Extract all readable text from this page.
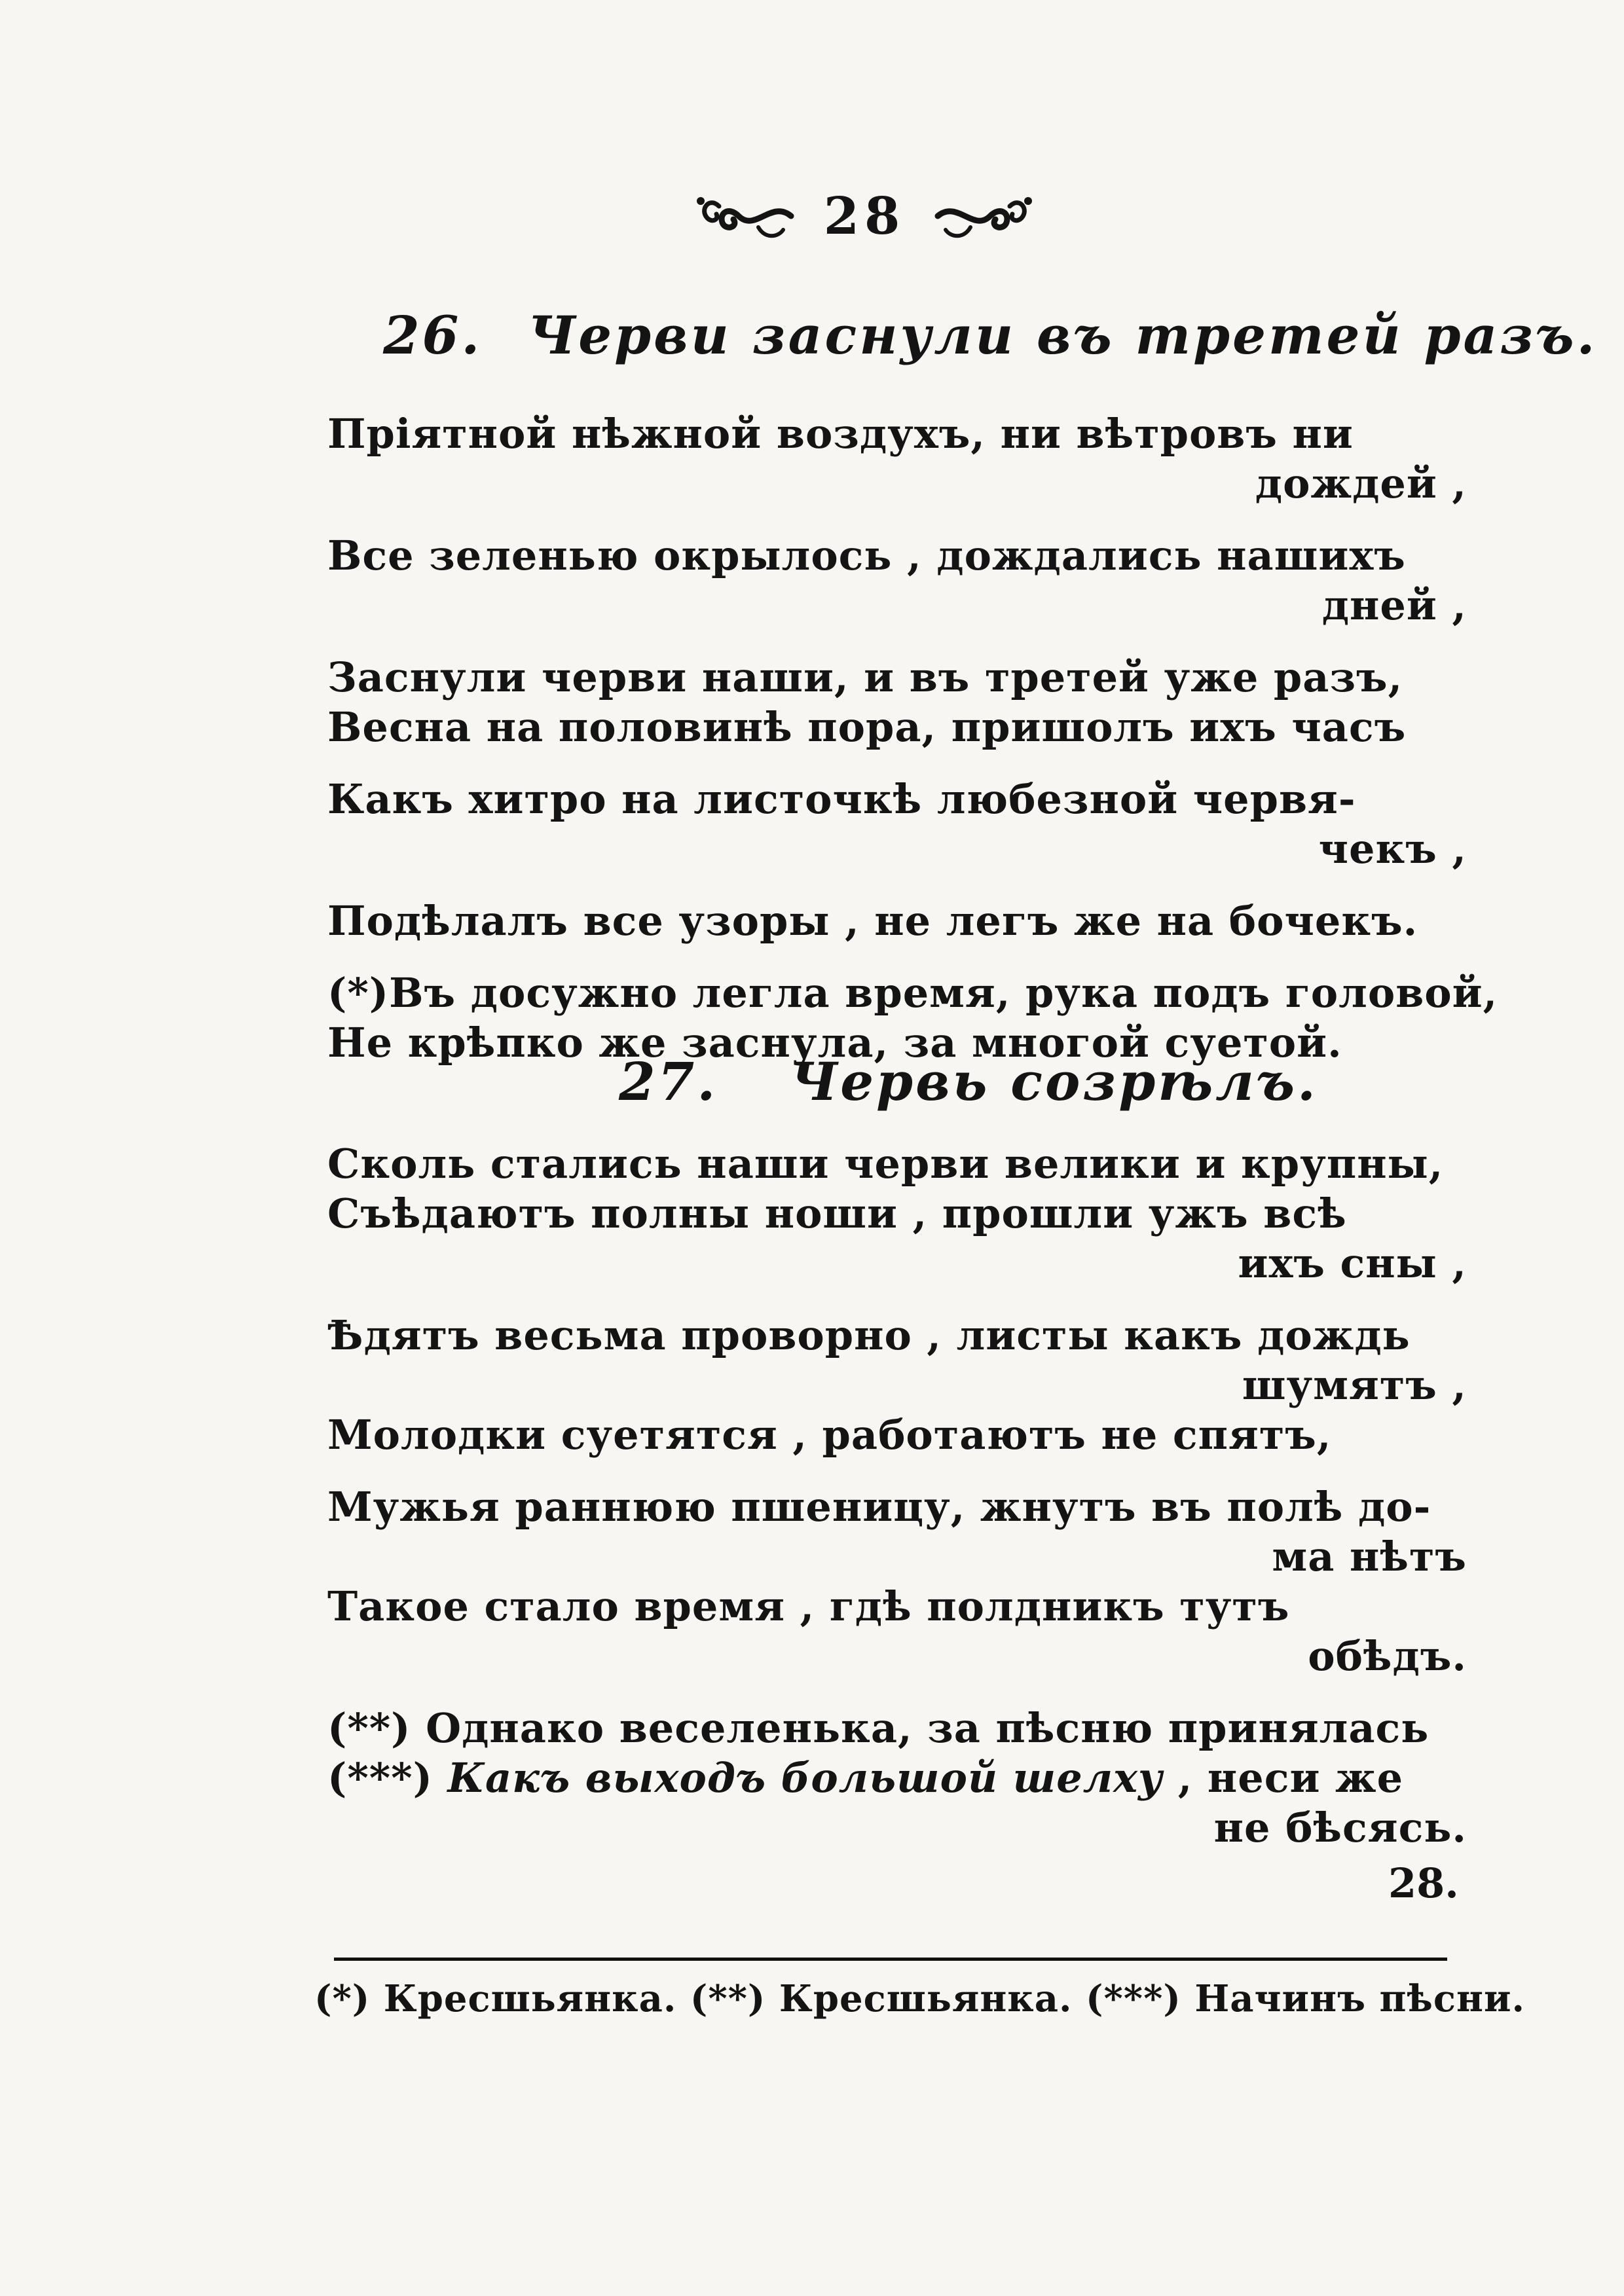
28
26. Черви заснули въ третей разъ.
Пріятной нѣжной воздухъ, ни вѣтровъ ни
дождей ,
Все зеленью окрылось , дождались нашихъ
дней ,
Заснули черви наши, и въ третей уже разъ,
Весна на половинѣ пора, пришолъ ихъ часъ
Какъ хитро на листочкѣ любезной червя-
чекъ ,
Подѣлалъ все узоры , не легъ же на бочекъ.
(*)Въ досужно легла время, рука подъ головой,
Не крѣпко же заснула, за многой суетой.
27. Червь созрѣлъ.
Сколь стались наши черви велики и крупны,
Съѣдаютъ полны ноши , прошли ужъ всѣ
ихъ сны ,
Ѣдятъ весьма проворно , листы какъ дождь
шумятъ ,
Молодки суетятся , работаютъ не спятъ,
Мужья раннюю пшеницу, жнутъ въ полѣ до-
ма нѣтъ
Такое стало время , гдѣ полдникъ тутъ
обѣдъ.
(**) Однако веселенька, за пѣсню принялась
(***) Какъ выходъ большой шелху , неси же
не бѣсясь.
28.
(*) Кресшьянка. (**) Кресшьянка. (***) Начинъ пѣсни.
